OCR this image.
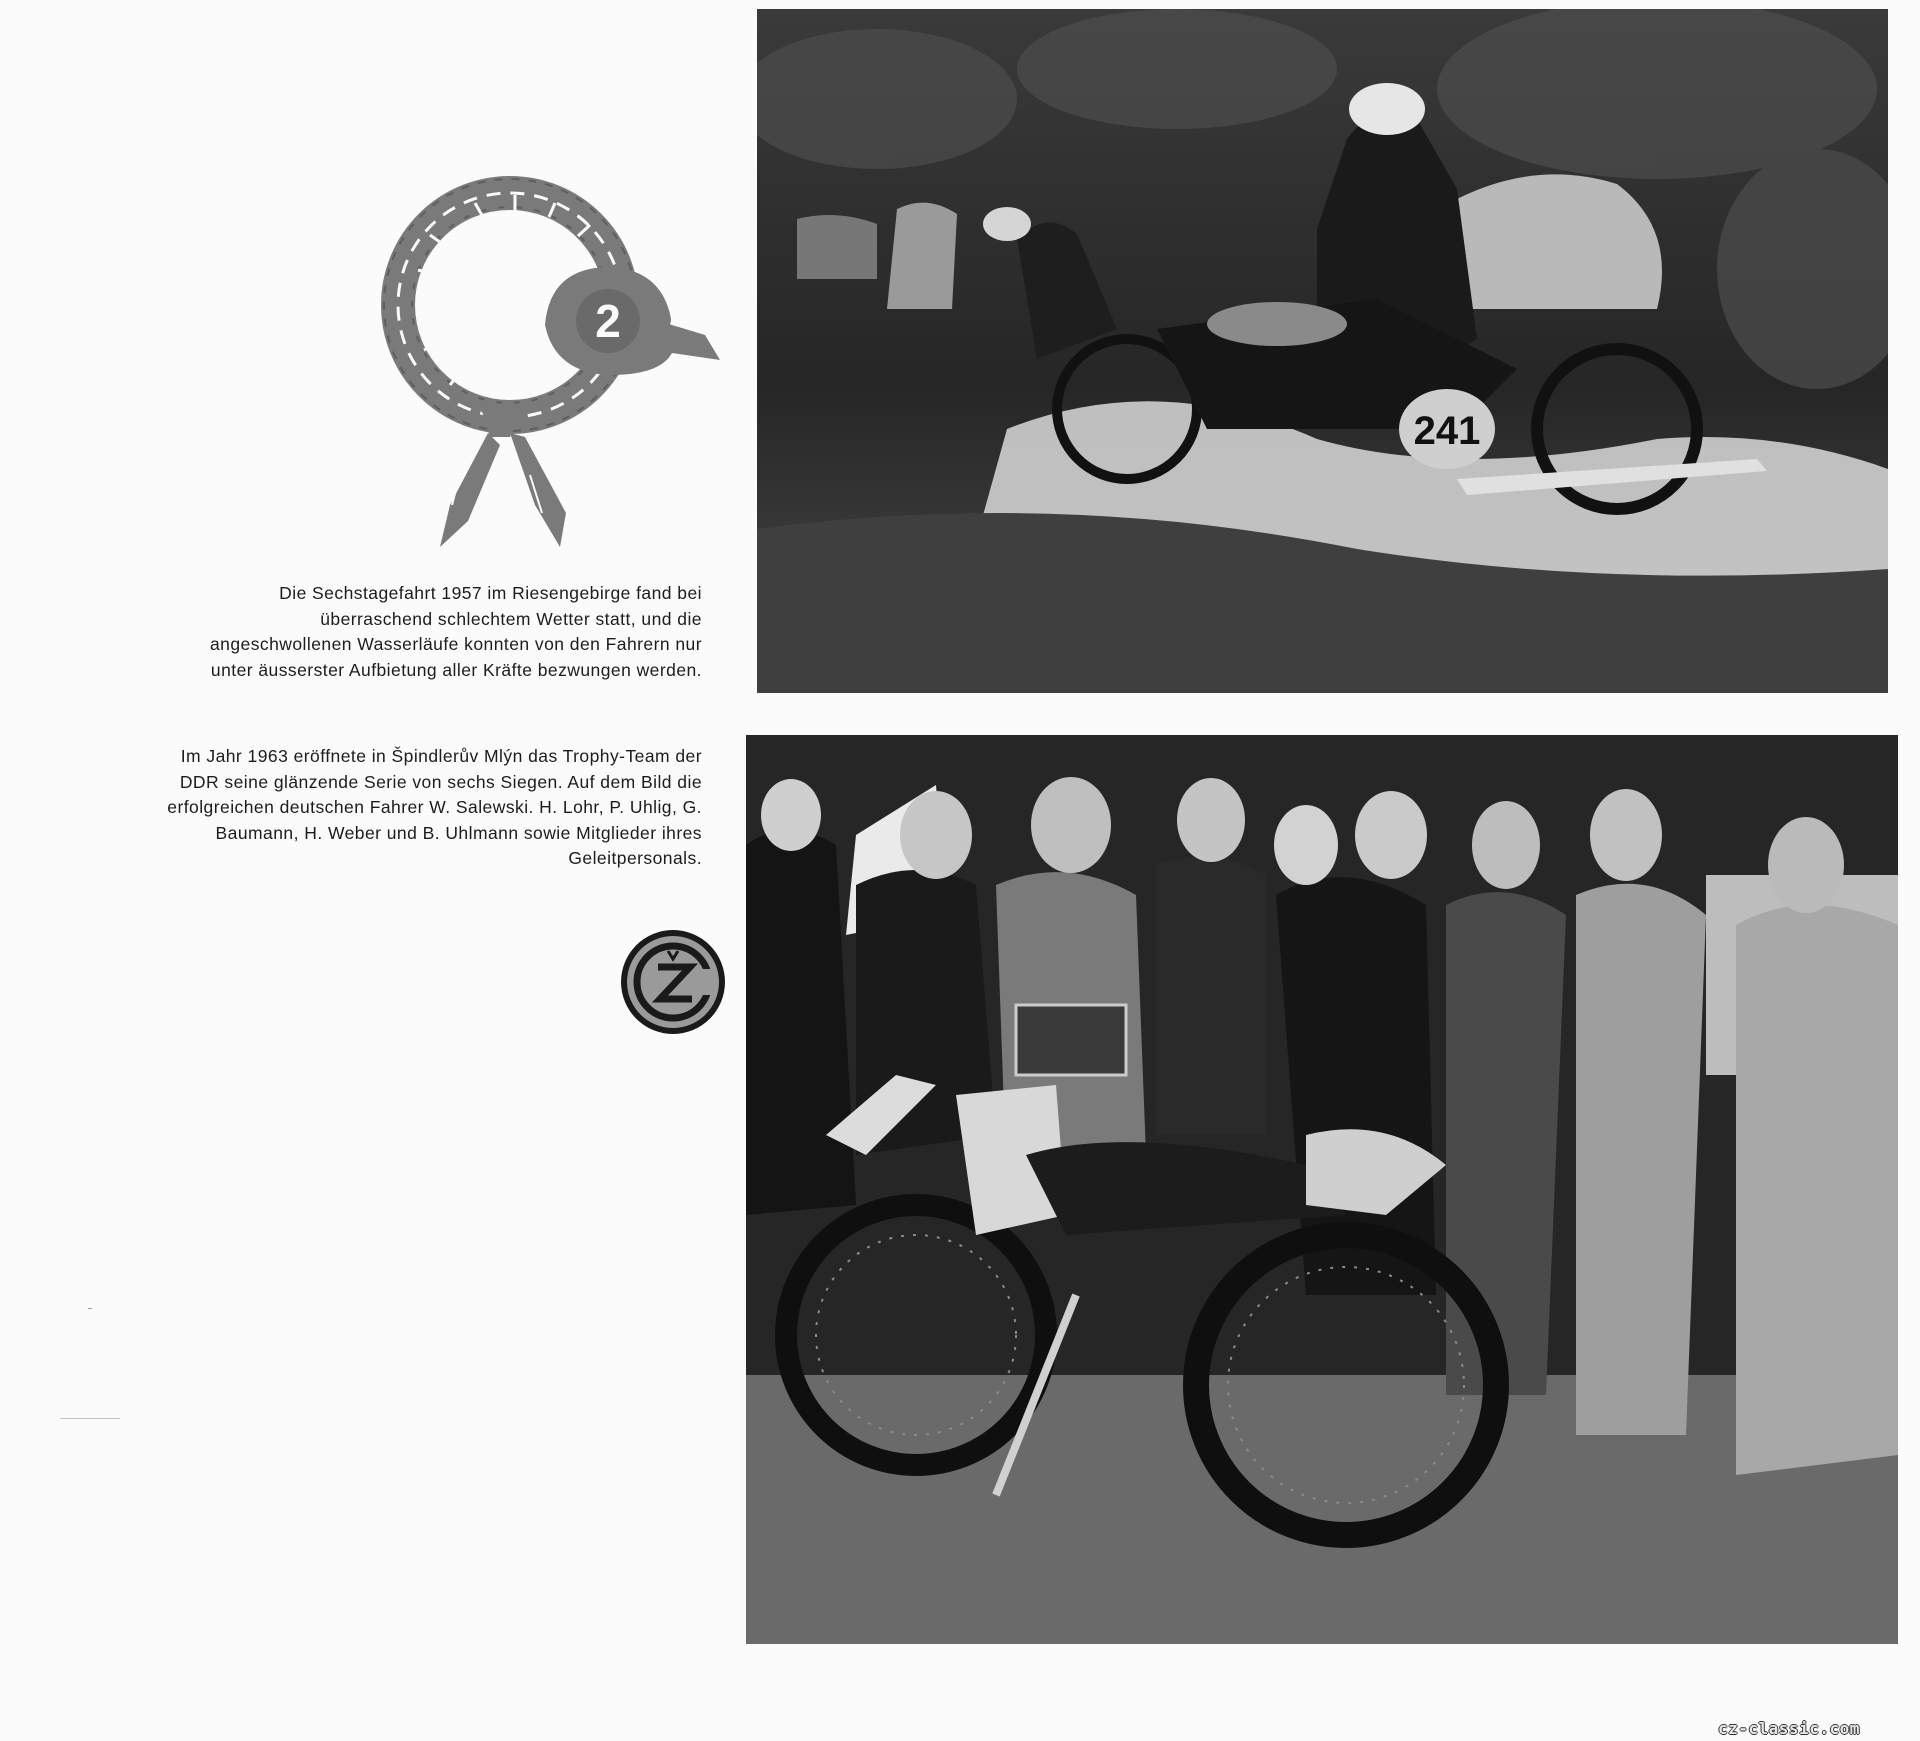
2
Die Sechstagefahrt 1957 im Riesengebirge fand bei überraschend schlechtem Wetter statt, und die angeschwollenen Wasserläufe konnten von den Fahrern nur unter äusserster Aufbietung aller Kräfte bezwungen werden.
Im Jahr 1963 eröffnete in Špindlerův Mlýn das Trophy-Team der DDR seine glänzende Serie von sechs Siegen. Auf dem Bild die erfolgreichen deutschen Fahrer W. Salewski. H. Lohr, P. Uhlig, G. Baumann, H. Weber und B. Uhlmann sowie Mitglieder ihres Geleitpersonals.
241
cz-classic.com
